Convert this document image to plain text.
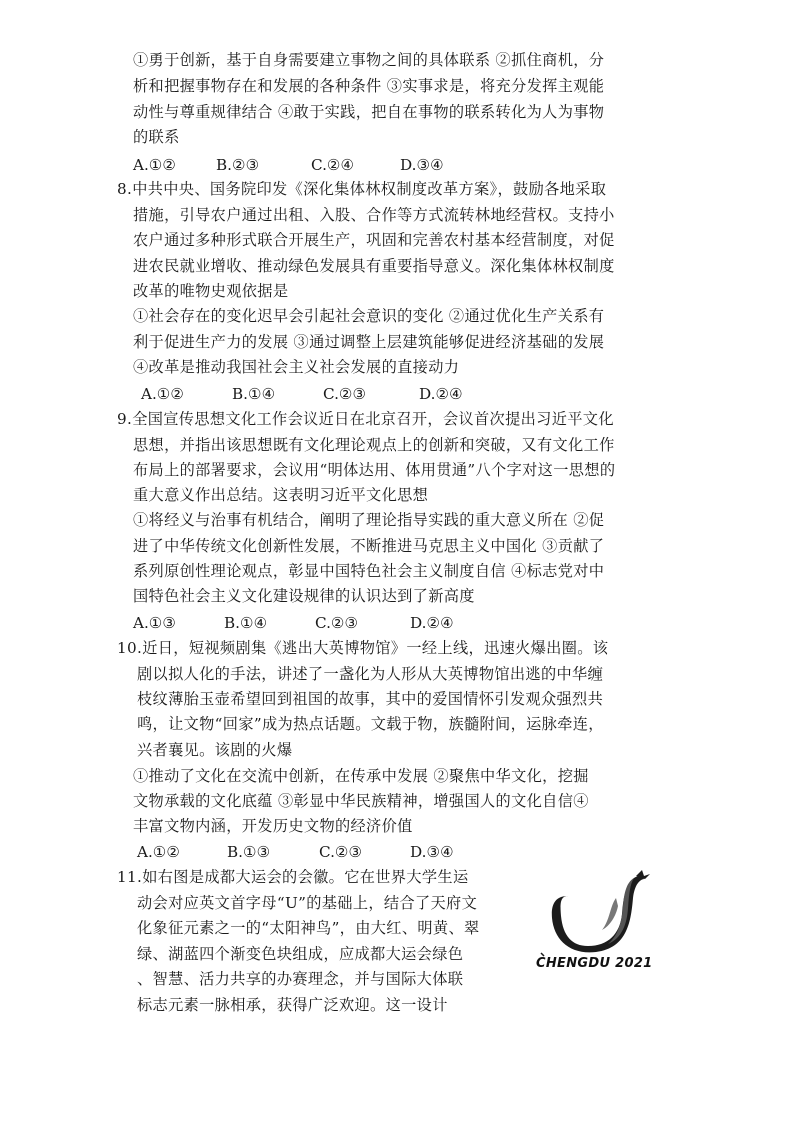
①勇于创新，基于自身需要建立事物之间的具体联系 ②抓住商机，分
析和把握事物存在和发展的各种条件 ③实事求是，将充分发挥主观能
动性与尊重规律结合 ④敢于实践，把自在事物的联系转化为人为事物
的联系
A.①②	B.②③	C.②④	D.③④
8.中共中央、国务院印发《深化集体林权制度改革方案》，鼓励各地采取
措施，引导农户通过出租、入股、合作等方式流转林地经营权。支持小
农户通过多种形式联合开展生产，巩固和完善农村基本经营制度，对促
进农民就业增收、推动绿色发展具有重要指导意义。深化集体林权制度
改革的唯物史观依据是
①社会存在的变化迟早会引起社会意识的变化 ②通过优化生产关系有
利于促进生产力的发展 ③通过调整上层建筑能够促进经济基础的发展
④改革是推动我国社会主义社会发展的直接动力
A.①②	B.①④	C.②③	D.②④
9.全国宣传思想文化工作会议近日在北京召开，会议首次提出习近平文化
思想，并指出该思想既有文化理论观点上的创新和突破，又有文化工作
布局上的部署要求，会议用“明体达用、体用贯通”八个字对这一思想的
重大意义作出总结。这表明习近平文化思想
①将经义与治事有机结合，阐明了理论指导实践的重大意义所在 ②促
进了中华传统文化创新性发展，不断推进马克思主义中国化 ③贡献了
系列原创性理论观点，彰显中国特色社会主义制度自信 ④标志党对中
国特色社会主义文化建设规律的认识达到了新高度
A.①③	B.①④	C.②③	D.②④
10.近日，短视频剧集《逃出大英博物馆》一经上线，迅速火爆出圈。该
剧以拟人化的手法，讲述了一盏化为人形从大英博物馆出逃的中华缠
枝纹薄胎玉壶希望回到祖国的故事，其中的爱国情怀引发观众强烈共
鸣，让文物“回家”成为热点话题。文载于物，族髓附间，运脉牵连，
兴者襄见。该剧的火爆
①推动了文化在交流中创新，在传承中发展 ②聚焦中华文化，挖掘
文物承载的文化底蕴 ③彰显中华民族精神，增强国人的文化自信④
丰富文物内涵，开发历史文物的经济价值
A.①②	B.①③	C.②③	D.③④
11.如右图是成都大运会的会徽。它在世界大学生运
动会对应英文首字母“U”的基础上，结合了天府文
化象征元素之一的“太阳神鸟”，由大红、明黄、翠
绿、湖蓝四个渐变色块组成，应成都大运会绿色
、智慧、活力共享的办赛理念，并与国际大体联
标志元素一脉相承，获得广泛欢迎。这一设计
CHENGDU 2021
